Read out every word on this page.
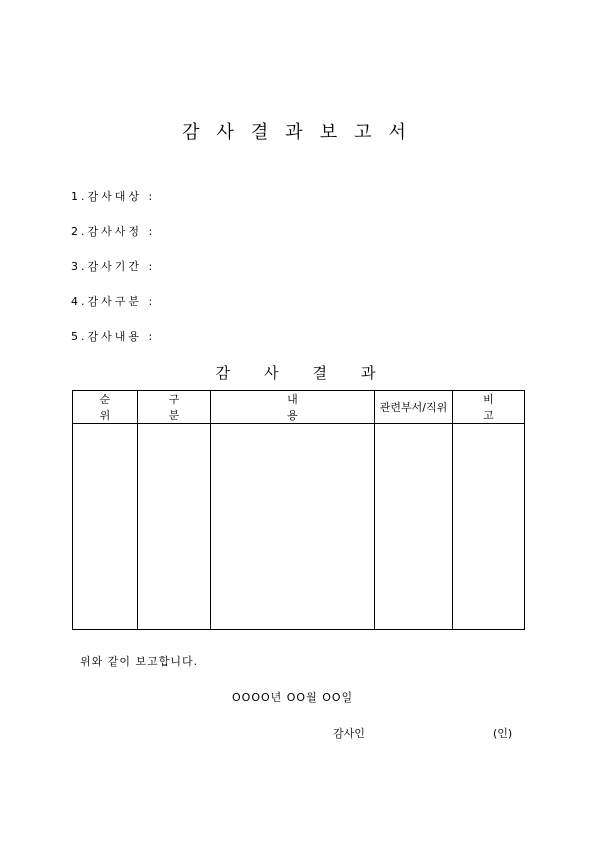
감사결과보고서
1.감사대상 :
2.감사사정 :
3.감사기간 :
4.감사구분 :
5.감사내용 :
감사결과
순위	구분	내용	관련부서/직위	비고

위와 같이 보고합니다.
OOOO년 OO월 OO일
감사인	(인)
